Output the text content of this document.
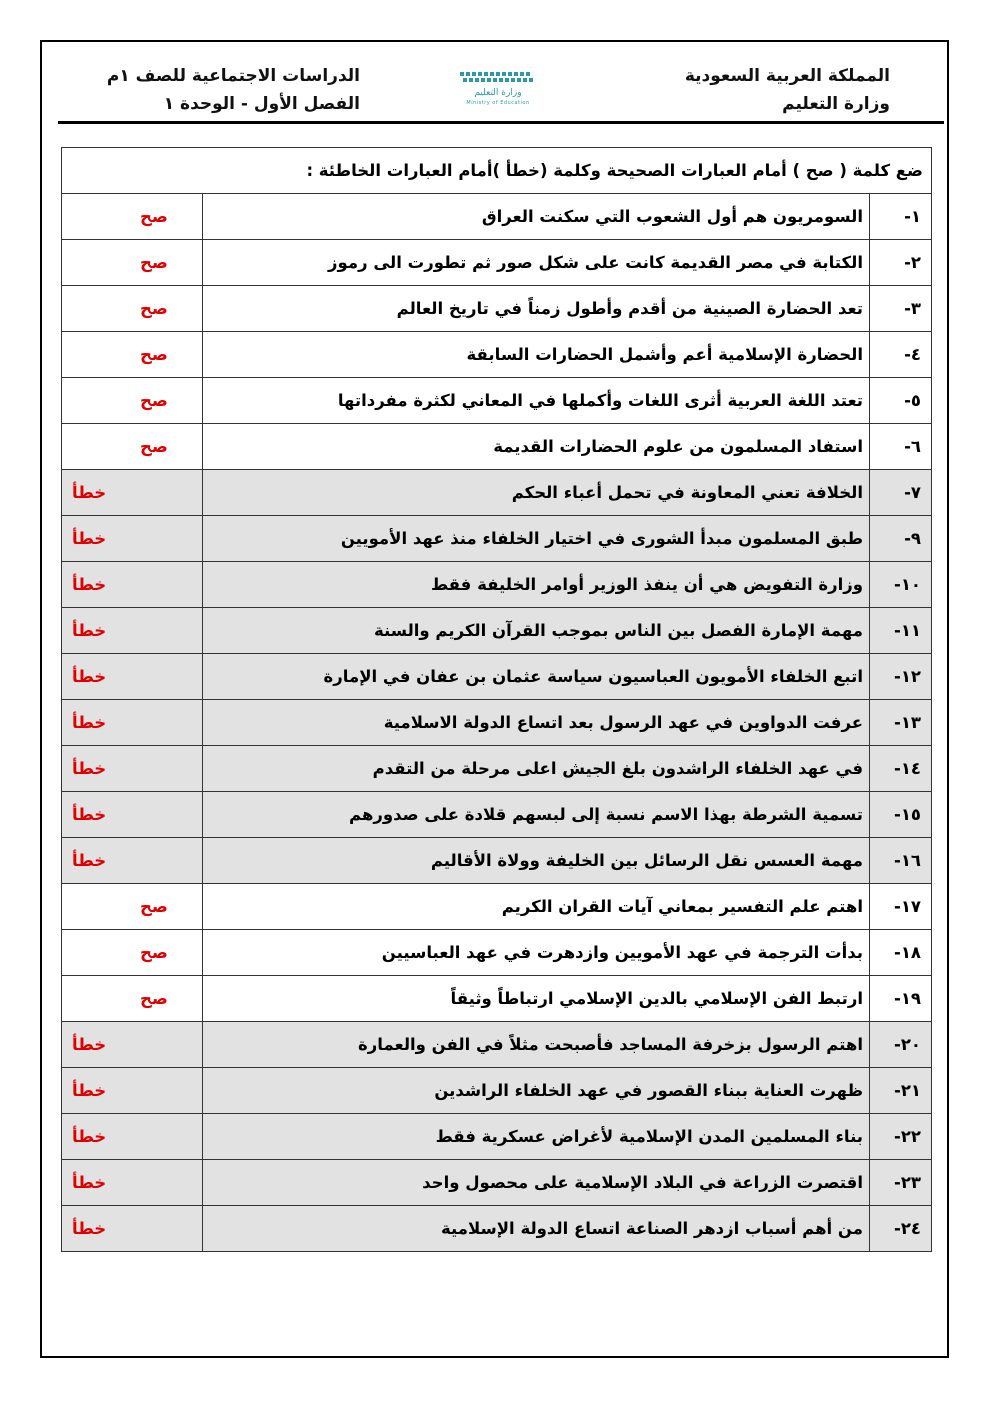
المملكة العربية السعودية
وزارة التعليم
الدراسات الاجتماعية للصف ١م
الفصل الأول - الوحدة ١
وزارة التعليم
Ministry of Education
ضع كلمة ( صح ) أمام العبارات الصحيحة وكلمة (خطأ )أمام العبارات الخاطئة :		
١-	السومريون هم أول الشعوب التي سكنت العراق	صح
٢-	الكتابة في مصر القديمة كانت على شكل صور ثم تطورت الى رموز	صح
٣-	تعد الحضارة الصينية من أقدم وأطول زمناً في تاريخ العالم	صح
٤-	الحضارة الإسلامية أعم وأشمل الحضارات السابقة	صح
٥-	تعتد اللغة العربية أثرى اللغات وأكملها في المعاني لكثرة مفرداتها	صح
٦-	استفاد المسلمون من علوم الحضارات القديمة	صح
٧-	الخلافة تعني المعاونة في تحمل أعباء الحكم	خطأ
٩-	طبق المسلمون مبدأ الشورى في اختيار الخلفاء منذ عهد الأمويين	خطأ
١٠-	وزارة التفويض هي أن ينفذ الوزير أوامر الخليفة فقط	خطأ
١١-	مهمة الإمارة الفصل بين الناس بموجب القرآن الكريم والسنة	خطأ
١٢-	اتبع الخلفاء الأمويون العباسيون سياسة عثمان بن عفان في الإمارة	خطأ
١٣-	عرفت الدواوين في عهد الرسول بعد اتساع الدولة الاسلامية	خطأ
١٤-	في عهد الخلفاء الراشدون بلغ الجيش اعلى مرحلة من التقدم	خطأ
١٥-	تسمية الشرطة بهذا الاسم نسبة إلى لبسهم قلادة على صدورهم	خطأ
١٦-	مهمة العسس نقل الرسائل بين الخليفة وولاة الأقاليم	خطأ
١٧-	اهتم علم التفسير بمعاني آيات القران الكريم	صح
١٨-	بدأت الترجمة في عهد الأمويين وازدهرت في عهد العباسيين	صح
١٩-	ارتبط الفن الإسلامي بالدين الإسلامي ارتباطاً وثيقاً	صح
٢٠-	اهتم الرسول بزخرفة المساجد فأصبحت مثلاً في الفن والعمارة	خطأ
٢١-	ظهرت العناية ببناء القصور في عهد الخلفاء الراشدين	خطأ
٢٢-	بناء المسلمين المدن الإسلامية لأغراض عسكرية فقط	خطأ
٢٣-	اقتصرت الزراعة في البلاد الإسلامية على محصول واحد	خطأ
٢٤-	من أهم أسباب ازدهر الصناعة اتساع الدولة الإسلامية	خطأ
